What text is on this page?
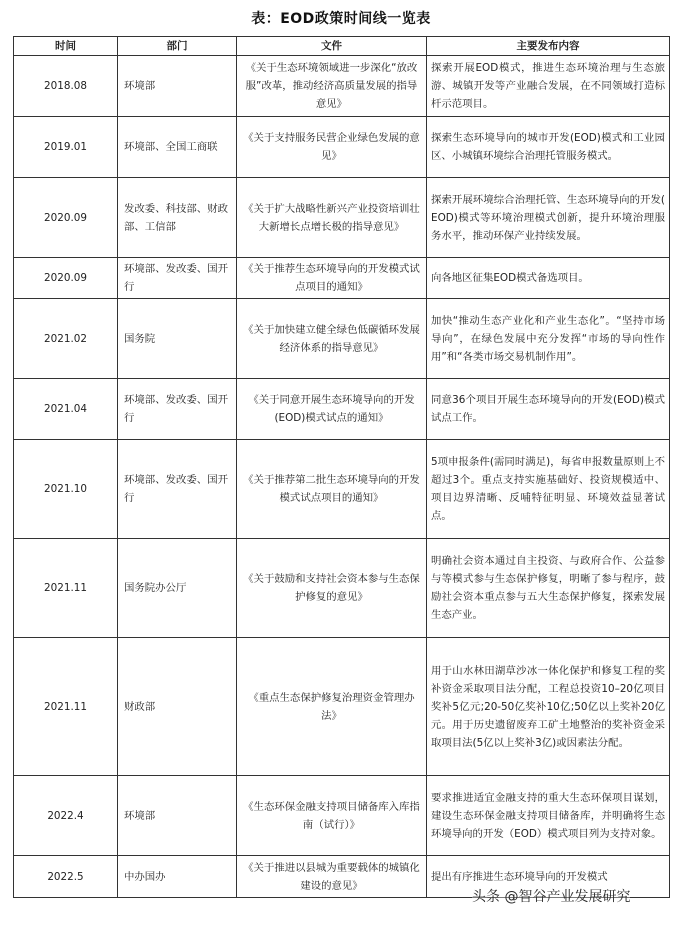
表：EOD政策时间线一览表
时间	部门	文件	主要发布内容
2018.08	环境部	《关于生态环境领域进一步深化“放改服”改革，推动经济高质量发展的指导意见》	探索开展EOD模式，推进生态环境治理与生态旅游、城镇开发等产业融合发展，在不同领域打造标杆示范项目。
2019.01	环境部、全国工商联	《关于支持服务民营企业绿色发展的意见》	探索生态环境导向的城市开发(EOD)模式和工业园区、小城镇环境综合治理托管服务模式。
2020.09	发改委、科技部、财政部、工信部	《关于扩大战略性新兴产业投资培训壮大新增长点增长极的指导意见》	探索开展环境综合治理托管、生态环境导向的开发( EOD)模式等环境治理模式创新，提升环境治理服务水平，推动环保产业持续发展。
2020.09	环境部、发改委、国开行	《关于推荐生态环境导向的开发模式试点项目的通知》	向各地区征集EOD模式备选项目。
2021.02	国务院	《关于加快建立健全绿色低碳循环发展经济体系的指导意见》	加快“推动生态产业化和产业生态化”。“坚持市场导向”，在绿色发展中充分发挥“市场的导向性作用”和“各类市场交易机制作用”。
2021.04	环境部、发改委、国开行	《关于同意开展生态环境导向的开发(EOD)模式试点的通知》	同意36个项目开展生态环境导向的开发(EOD)模式试点工作。
2021.10	环境部、发改委、国开行	《关于推荐第二批生态环境导向的开发模式试点项目的通知》	5项申报条件(需同时满足)，每省申报数量原则上不超过3个。重点支持实施基础好、投资规模适中、项目边界清晰、反哺特征明显、环境效益显著试点。
2021.11	国务院办公厅	《关于鼓励和支持社会资本参与生态保护修复的意见》	明确社会资本通过自主投资、与政府合作、公益参与等模式参与生态保护修复，明晰了参与程序，鼓励社会资本重点参与五大生态保护修复，探索发展生态产业。
2021.11	财政部	《重点生态保护修复治理资金管理办法》	用于山水林田湖草沙冰一体化保护和修复工程的奖补资金采取项目法分配，工程总投资10–20亿项目奖补5亿元;20-50亿奖补10亿;50亿以上奖补20亿元。用于历史遗留废弃工矿土地整治的奖补资金采取项目法(5亿以上奖补3亿)或因素法分配。
2022.4	环境部	《生态环保金融支持项目储备库入库指南（试行）》	要求推进适宜金融支持的重大生态环保项目谋划，建设生态环保金融支持项目储备库，并明确将生态环境导向的开发（EOD）模式项目列为支持对象。
2022.5	中办国办	《关于推进以县城为重要载体的城镇化建设的意见》	提出有序推进生态环境导向的开发模式
头条 @智谷产业发展研究
